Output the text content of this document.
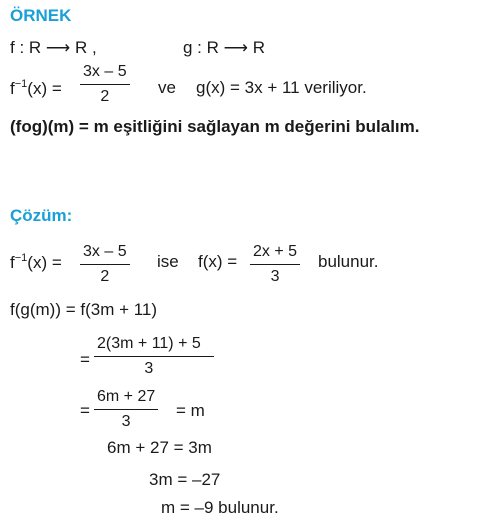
ÖRNEK
f : R ⟶ R ,	g : R ⟶ R
$f^{-1}(x)$ =
3x – 5
2	ve g(x) = 3x + 11 veriliyor.
(fog)(m) = m eşitliğini sağlayan m değerini bulalım.
Çözüm:
$f^{-1}(x)$ =
3x – 5
2
ise f(x) =
2x + 5
3
bulunur.
f(g(m)) = f(3m + 11)
=
2(3m + 11) + 5
3
=
6m + 27
3
= m
6m + 27 = 3m
3m = –27
m = –9 bulunur.
